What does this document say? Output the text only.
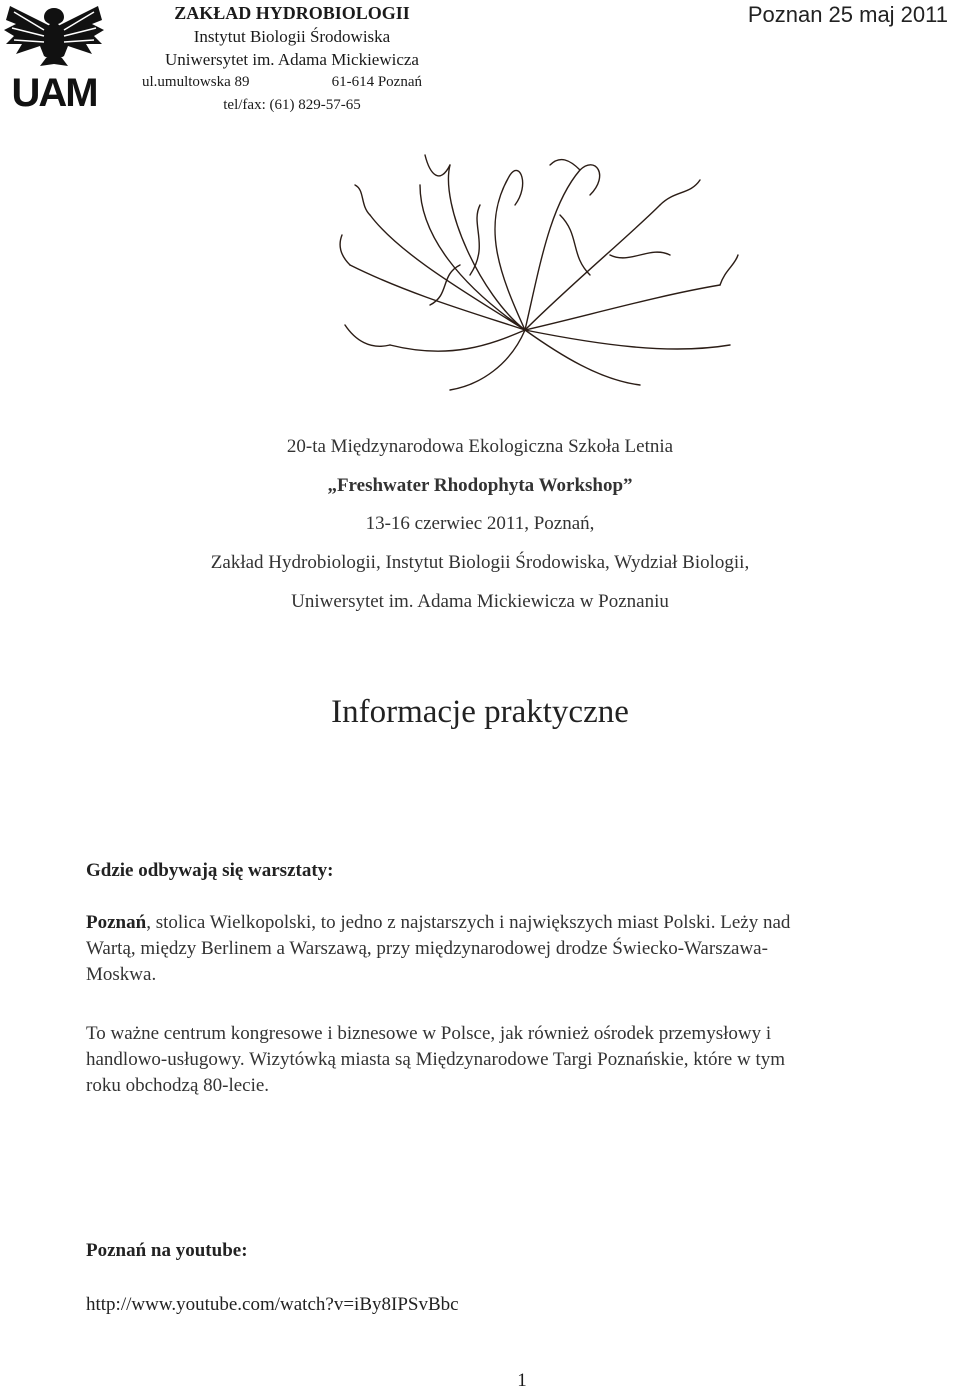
UAM
ZAKŁAD HYDROBIOLOGII
Instytut Biologii Środowiska
Uniwersytet im. Adama Mickiewicza
ul.umultowska 89	61-614 Poznań
tel/fax: (61) 829-57-65
Poznan 25 maj 2011
20-ta Międzynarodowa Ekologiczna Szkoła Letnia
„Freshwater Rhodophyta Workshop”
13-16 czerwiec 2011, Poznań,
Zakład Hydrobiologii, Instytut Biologii Środowiska, Wydział Biologii,
Uniwersytet im. Adama Mickiewicza w Poznaniu
Informacje praktyczne
Gdzie odbywają się warsztaty:
Poznań, stolica Wielkopolski, to jedno z najstarszych i największych miast Polski. Leży nad
Wartą, między Berlinem a Warszawą, przy międzynarodowej drodze Świecko-Warszawa-
Moskwa.
To ważne centrum kongresowe i biznesowe w Polsce, jak również ośrodek przemysłowy i
handlowo-usługowy. Wizytówką miasta są Międzynarodowe Targi Poznańskie, które w tym
roku obchodzą 80-lecie.
Poznań na youtube:
http://www.youtube.com/watch?v=iBy8IPSvBbc
1
